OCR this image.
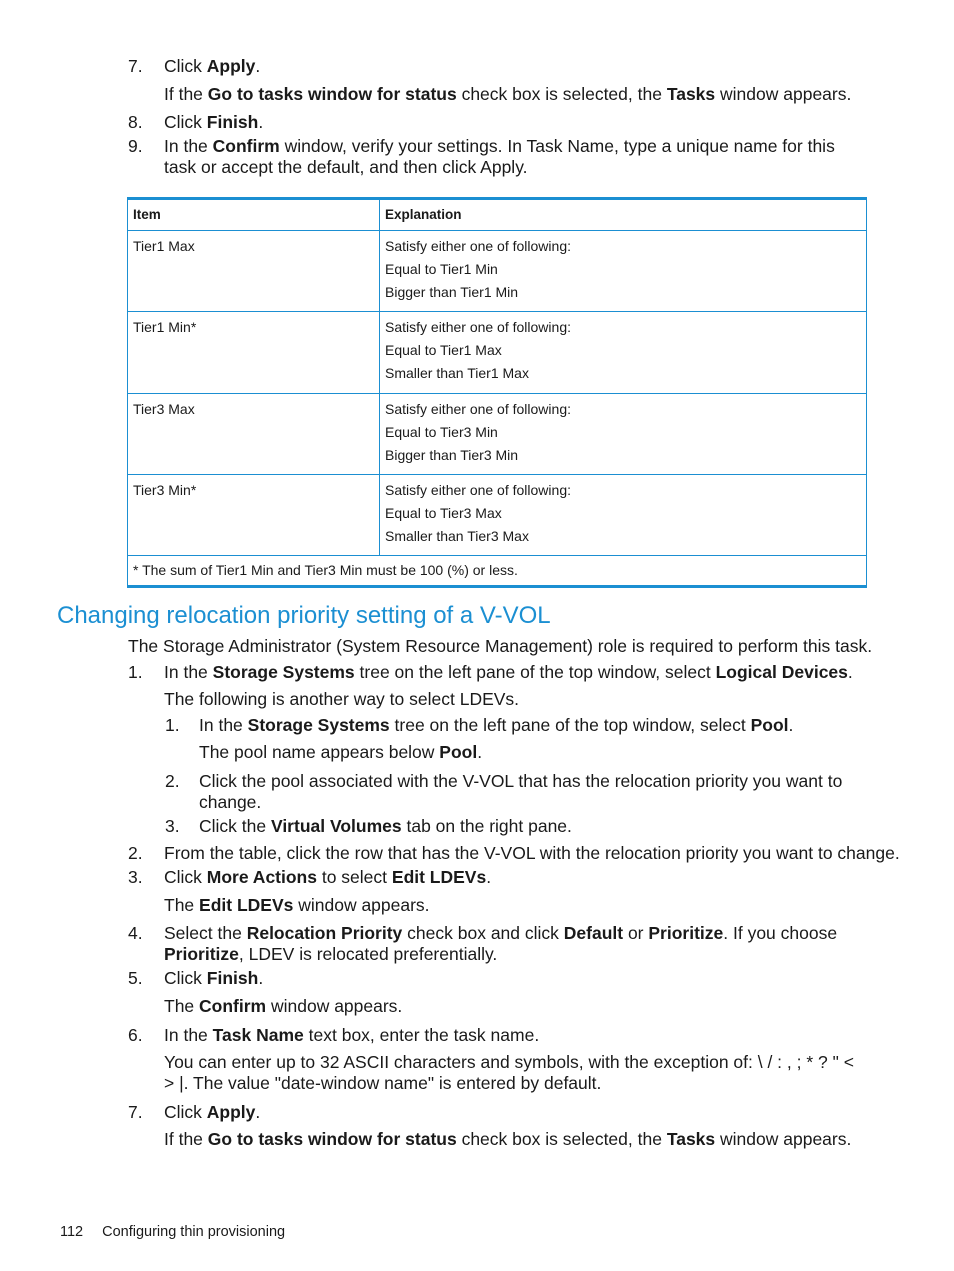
7. Click Apply.
If the Go to tasks window for status check box is selected, the Tasks window appears.
8. Click Finish.
9. In the Confirm window, verify your settings. In Task Name, type a unique name for this task or accept the default, and then click Apply.
Item	Explanation
Tier1 Max	Satisfy either one of following:
Equal to Tier1 Min
Bigger than Tier1 Min
Tier1 Min*	Satisfy either one of following:
Equal to Tier1 Max
Smaller than Tier1 Max
Tier3 Max	Satisfy either one of following:
Equal to Tier3 Min
Bigger than Tier3 Min
Tier3 Min*	Satisfy either one of following:
Equal to Tier3 Max
Smaller than Tier3 Max
* The sum of Tier1 Min and Tier3 Min must be 100 (%) or less.
Changing relocation priority setting of a V-VOL
The Storage Administrator (System Resource Management) role is required to perform this task.
1. In the Storage Systems tree on the left pane of the top window, select Logical Devices.
The following is another way to select LDEVs.
1. In the Storage Systems tree on the left pane of the top window, select Pool.
The pool name appears below Pool.
2. Click the pool associated with the V-VOL that has the relocation priority you want to change.
3. Click the Virtual Volumes tab on the right pane.
2. From the table, click the row that has the V-VOL with the relocation priority you want to change.
3. Click More Actions to select Edit LDEVs.
The Edit LDEVs window appears.
4. Select the Relocation Priority check box and click Default or Prioritize. If you choose Prioritize, LDEV is relocated preferentially.
5. Click Finish.
The Confirm window appears.
6. In the Task Name text box, enter the task name.
You can enter up to 32 ASCII characters and symbols, with the exception of: \ / : , ; * ? " < > |. The value "date-window name" is entered by default.
7. Click Apply.
If the Go to tasks window for status check box is selected, the Tasks window appears.
112 Configuring thin provisioning
